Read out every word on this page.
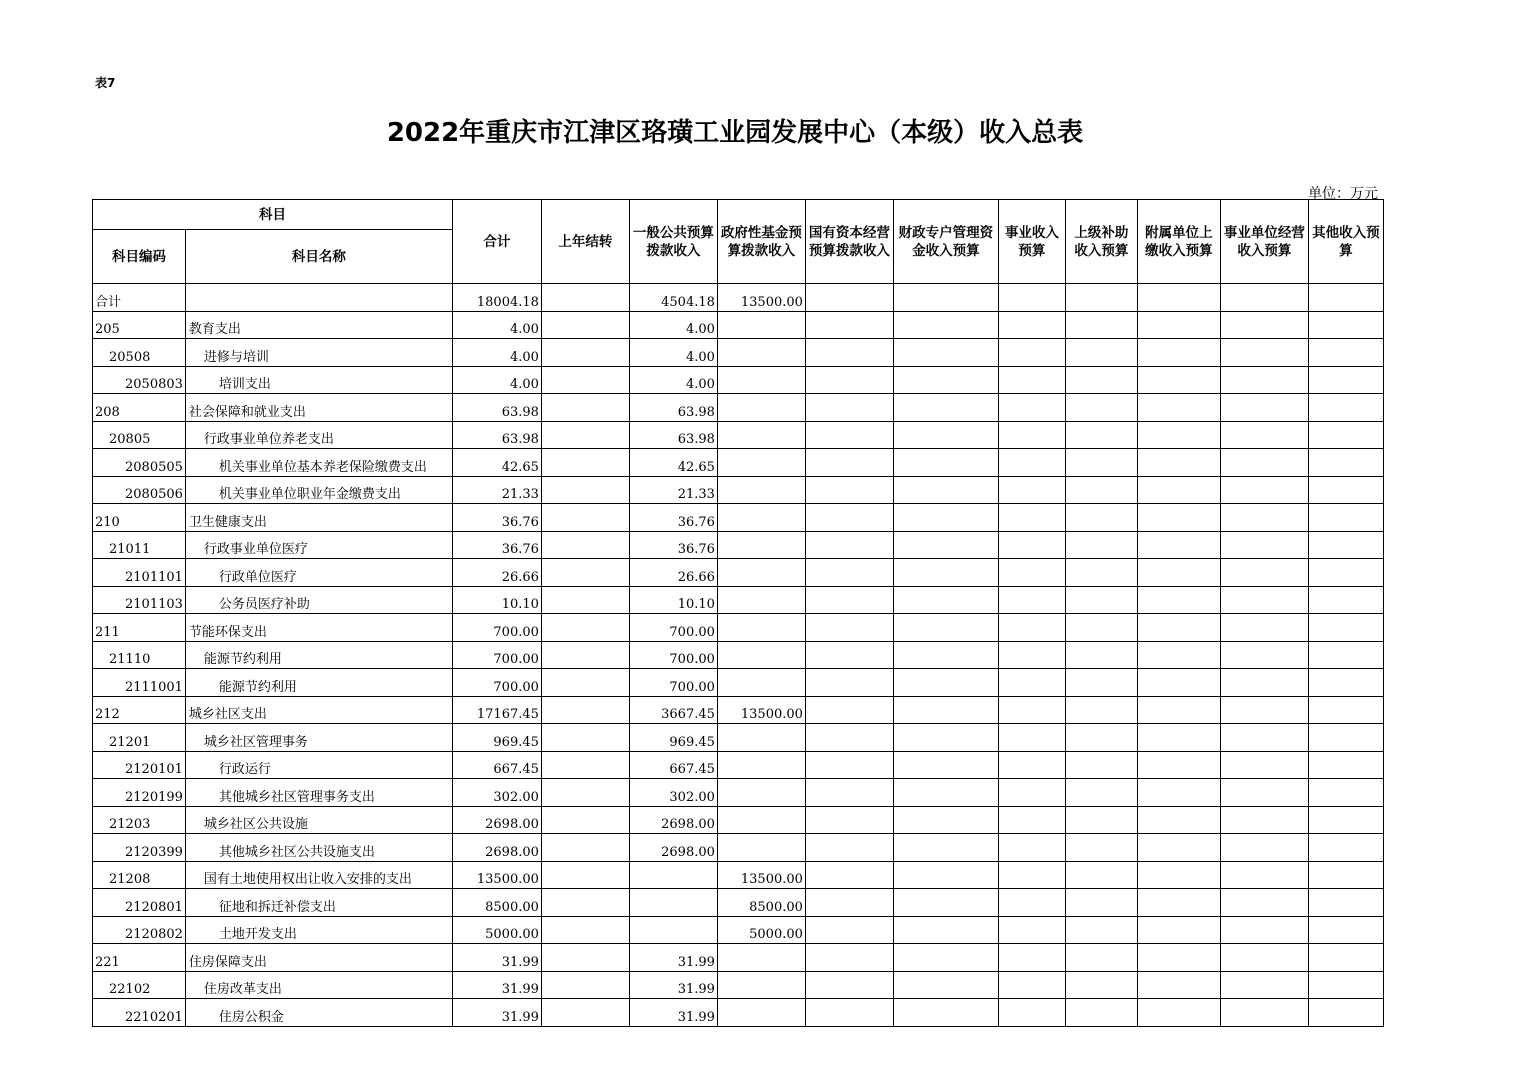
表7
2022年重庆市江津区珞璜工业园发展中心（本级）收入总表
单位：万元
科目		合计	上年结转	一般公共预算拨款收入	政府性基金预算拨款收入	国有资本经营预算拨款收入	财政专户管理资金收入预算	事业收入预算	上级补助收入预算	附属单位上缴收入预算	事业单位经营收入预算	其他收入预算
科目编码	科目名称											
合计		18004.18		4504.18	13500.00							
205	教育支出	4.00		4.00								
20508	进修与培训	4.00		4.00								
2050803	培训支出	4.00		4.00								
208	社会保障和就业支出	63.98		63.98								
20805	行政事业单位养老支出	63.98		63.98								
2080505	机关事业单位基本养老保险缴费支出	42.65		42.65								
2080506	机关事业单位职业年金缴费支出	21.33		21.33								
210	卫生健康支出	36.76		36.76								
21011	行政事业单位医疗	36.76		36.76								
2101101	行政单位医疗	26.66		26.66								
2101103	公务员医疗补助	10.10		10.10								
211	节能环保支出	700.00		700.00								
21110	能源节约利用	700.00		700.00								
2111001	能源节约利用	700.00		700.00								
212	城乡社区支出	17167.45		3667.45	13500.00							
21201	城乡社区管理事务	969.45		969.45								
2120101	行政运行	667.45		667.45								
2120199	其他城乡社区管理事务支出	302.00		302.00								
21203	城乡社区公共设施	2698.00		2698.00								
2120399	其他城乡社区公共设施支出	2698.00		2698.00								
21208	国有土地使用权出让收入安排的支出	13500.00			13500.00							
2120801	征地和拆迁补偿支出	8500.00			8500.00							
2120802	土地开发支出	5000.00			5000.00							
221	住房保障支出	31.99		31.99								
22102	住房改革支出	31.99		31.99								
2210201	住房公积金	31.99		31.99								
